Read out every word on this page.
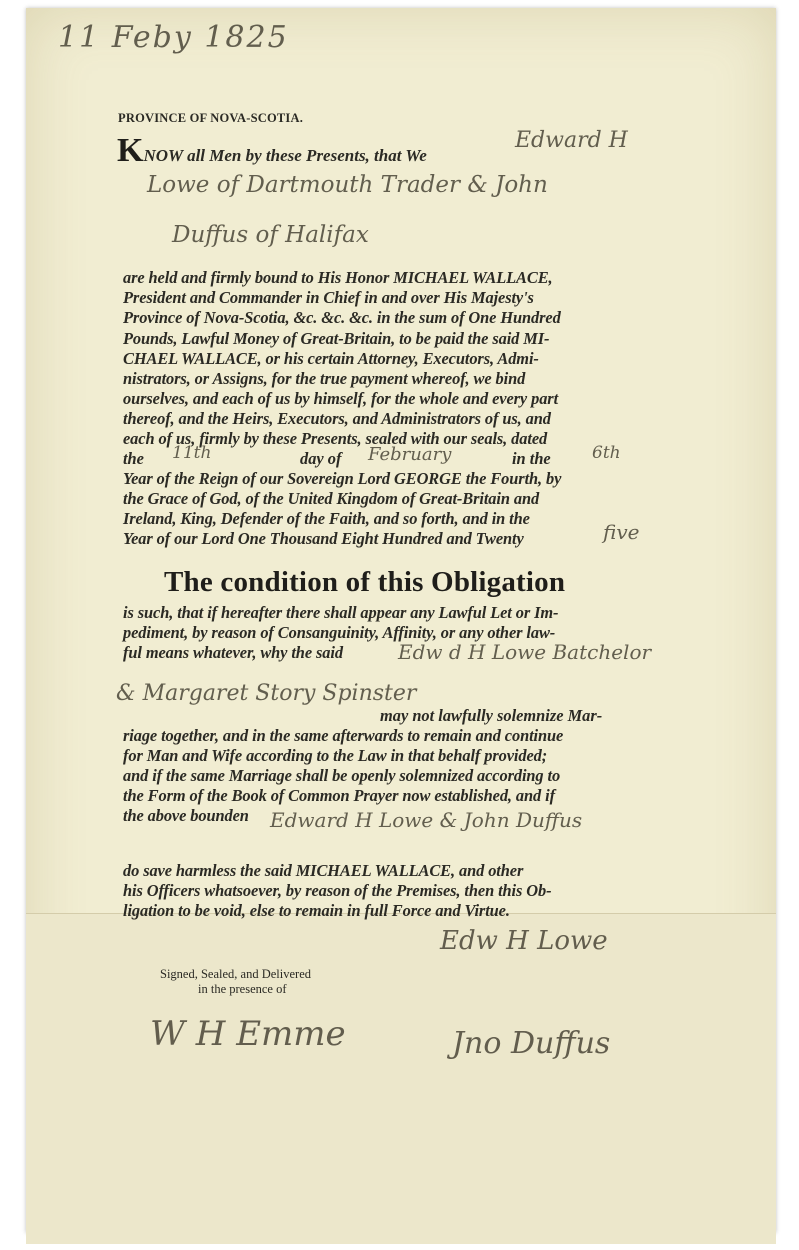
11 Feby 1825
PROVINCE OF NOVA-SCOTIA.
KNOW all Men by these Presents, that We
Edward H
Lowe of Dartmouth Trader & John
Duffus of Halifax
are held and firmly bound to His Honor MICHAEL WALLACE,
President and Commander in Chief in and over His Majesty's
Province of Nova-Scotia, &c. &c. &c. in the sum of One Hundred
Pounds, Lawful Money of Great-Britain, to be paid the said MI-
CHAEL WALLACE, or his certain Attorney, Executors, Admi-
nistrators, or Assigns, for the true payment whereof, we bind
ourselves, and each of us by himself, for the whole and every part
thereof, and the Heirs, Executors, and Administrators of us, and
each of us, firmly by these Presents, sealed with our seals, dated
the 11th	day of February	in the 6th
Year of the Reign of our Sovereign Lord GEORGE the Fourth, by
the Grace of God, of the United Kingdom of Great-Britain and
Ireland, King, Defender of the Faith, and so forth, and in the
Year of our Lord One Thousand Eight Hundred and Twenty	five
The condition of this Obligation
is such, that if hereafter there shall appear any Lawful Let or Im-
pediment, by reason of Consanguinity, Affinity, or any other law-
ful means whatever, why the said	Edw d H Lowe Batchelor
& Margaret Story Spinster
may not lawfully solemnize Mar-
riage together, and in the same afterwards to remain and continue
for Man and Wife according to the Law in that behalf provided;
and if the same Marriage shall be openly solemnized according to
the Form of the Book of Common Prayer now established, and if
the above bounden Edward H Lowe & John Duffus
do save harmless the said MICHAEL WALLACE, and other
his Officers whatsoever, by reason of the Premises, then this Ob-
ligation to be void, else to remain in full Force and Virtue.
Edw H Lowe
Signed, Sealed, and Delivered
in the presence of
W H Emme	Jno Duffus
